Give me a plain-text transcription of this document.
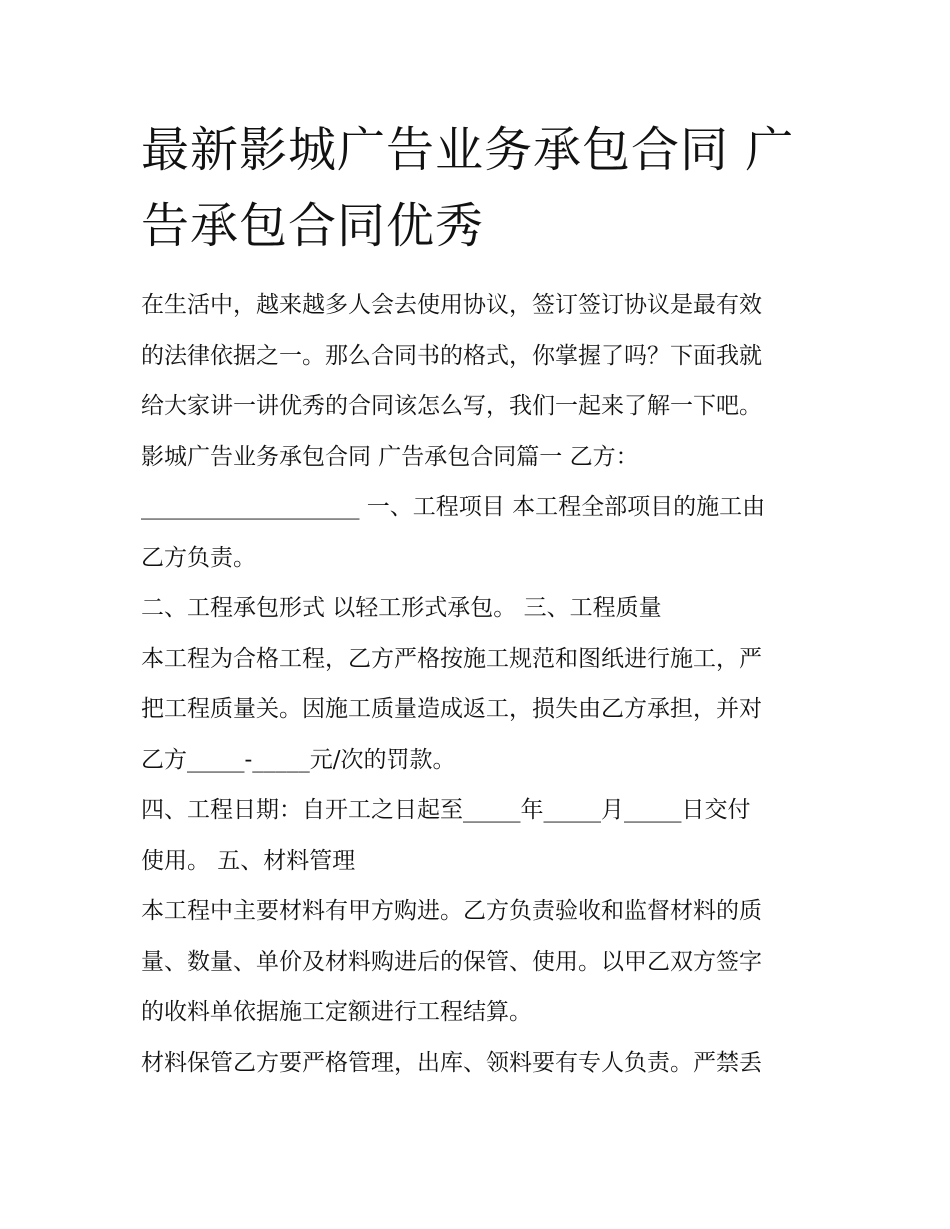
最新影城广告业务承包合同 广
告承包合同优秀

在生活中，越来越多人会去使用协议，签订签订协议是最有效
的法律依据之一。那么合同书的格式，你掌握了吗？下面我就
给大家讲一讲优秀的合同该怎么写，我们一起来了解一下吧。
影城广告业务承包合同 广告承包合同篇一 乙方：
___________________ 一、工程项目 本工程全部项目的施工由
乙方负责。

二、工程承包形式 以轻工形式承包。 三、工程质量

本工程为合格工程，乙方严格按施工规范和图纸进行施工，严
把工程质量关。因施工质量造成返工，损失由乙方承担，并对
乙方_____-_____元/次的罚款。

四、工程日期：自开工之日起至_____年_____月_____日交付
使用。 五、材料管理

本工程中主要材料有甲方购进。乙方负责验收和监督材料的质
量、数量、单价及材料购进后的保管、使用。以甲乙双方签字
的收料单依据施工定额进行工程结算。

材料保管乙方要严格管理，出库、领料要有专人负责。严禁丢
